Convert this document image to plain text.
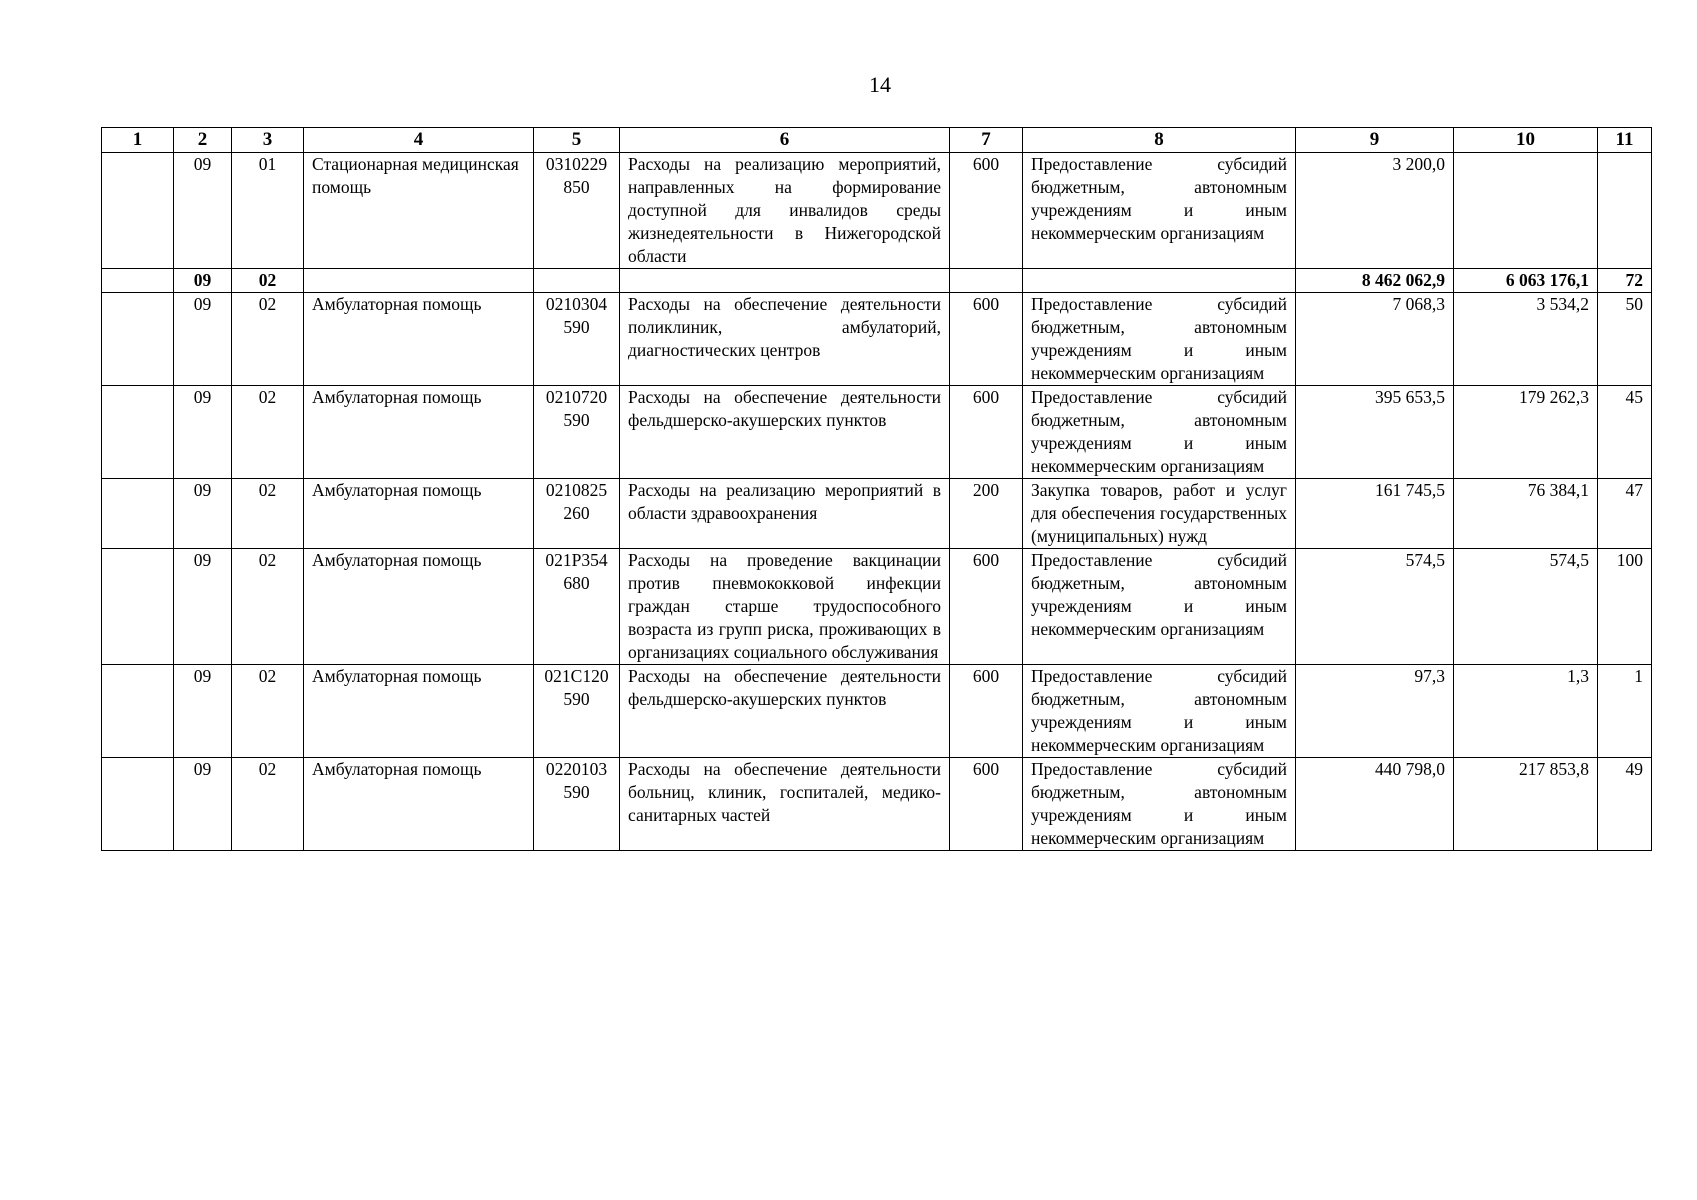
14
1	2	3	4	5	6	7	8	9	10	11
	09	01	Стационарная медицинская помощь	0310229850	Расходы на реализацию мероприятий, направленных на формирование доступной для инвалидов среды жизнедеятельности в Нижегородской области	600	Предоставление субсидий бюджетным, автономным учреждениям и иным некоммерческим организациям	3 200,0		
	09	02						8 462 062,9	6 063 176,1	72
	09	02	Амбулаторная помощь	0210304590	Расходы на обеспечение деятельности поликлиник, амбулаторий, диагностических центров	600	Предоставление субсидий бюджетным, автономным учреждениям и иным некоммерческим организациям	7 068,3	3 534,2	50
	09	02	Амбулаторная помощь	0210720590	Расходы на обеспечение деятельности фельдшерско-акушерских пунктов	600	Предоставление субсидий бюджетным, автономным учреждениям и иным некоммерческим организациям	395 653,5	179 262,3	45
	09	02	Амбулаторная помощь	0210825260	Расходы на реализацию мероприятий в области здравоохранения	200	Закупка товаров, работ и услуг для обеспечения государственных (муниципальных) нужд	161 745,5	76 384,1	47
	09	02	Амбулаторная помощь	021P354680	Расходы на проведение вакцинации против пневмококковой инфекции граждан старше трудоспособного возраста из групп риска, проживающих в организациях социального обслуживания	600	Предоставление субсидий бюджетным, автономным учреждениям и иным некоммерческим организациям	574,5	574,5	100
	09	02	Амбулаторная помощь	021C120590	Расходы на обеспечение деятельности фельдшерско-акушерских пунктов	600	Предоставление субсидий бюджетным, автономным учреждениям и иным некоммерческим организациям	97,3	1,3	1
	09	02	Амбулаторная помощь	0220103590	Расходы на обеспечение деятельности больниц, клиник, госпиталей, медико-санитарных частей	600	Предоставление субсидий бюджетным, автономным учреждениям и иным некоммерческим организациям	440 798,0	217 853,8	49
